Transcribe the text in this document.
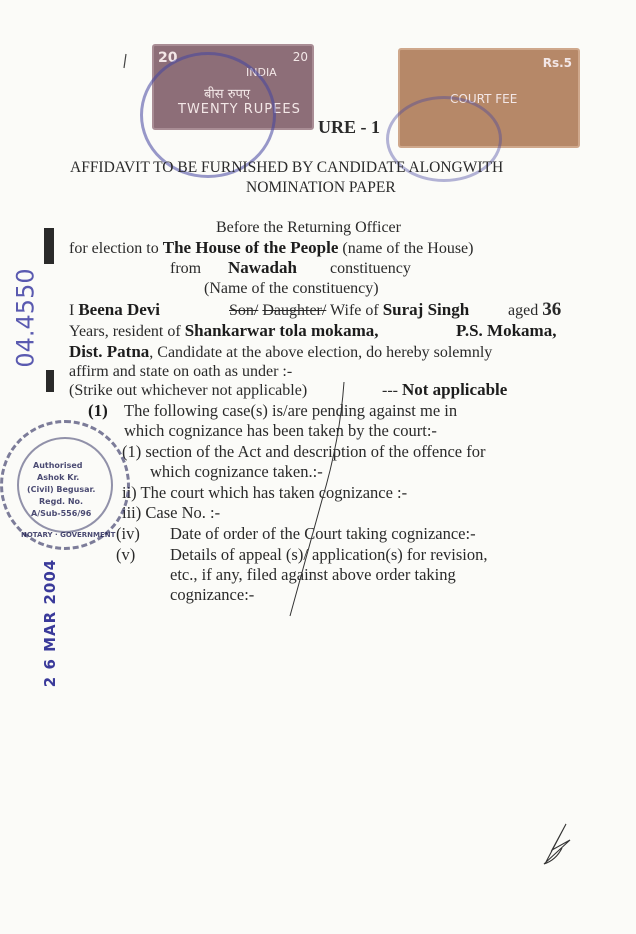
20	20
INDIA
बीस रुपए
TWENTY RUPEES
Rs.5
COURT FEE
URE - 1
AFFIDAVIT TO BE FURNISHED BY CANDIDATE ALONGWITH
NOMINATION PAPER
Before the Returning Officer
for election to The House of the People (name of the House)
from Nawadah constituency
(Name of the constituency)
I Beena Devi	Son/ Daughter/ Wife of Suraj Singh aged 36
Years, resident of Shankarwar tola mokama,	P.S. Mokama,
Dist. Patna, Candidate at the above election, do hereby solemnly
affirm and state on oath as under :-
(Strike out whichever not applicable)	--- Not applicable
(1) The following case(s) is/are pending against me in
which cognizance has been taken by the court:-
(1) section of the Act and description of the offence for
which cognizance taken.:-
ii) The court which has taken cognizance :-
iii) Case No. :-
(iv) Date of order of the Court taking cognizance:-
(v) Details of appeal (s)/ application(s) for revision,
etc., if any, filed against above order taking
cognizance:-
Authorised
Ashok Kr.
(Civil) Begusar.
Regd. No.
A/Sub-556/96
NOTARY · GOVERNMENT
04.4550
2 6 MAR 2004
